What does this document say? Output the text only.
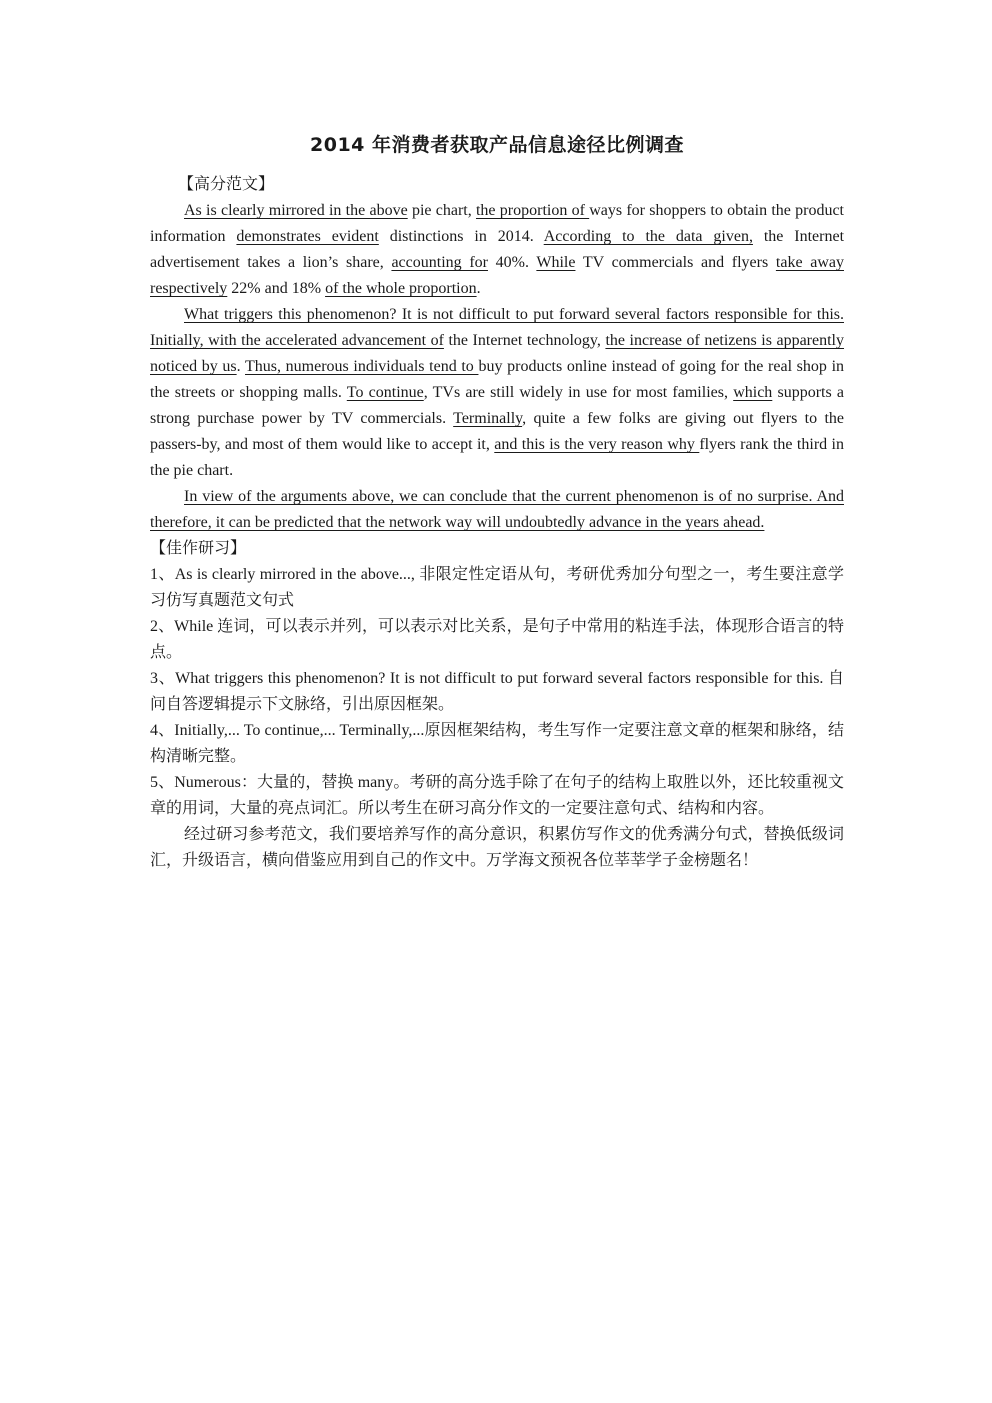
2014 年消费者获取产品信息途径比例调查
【高分范文】

As is clearly mirrored in the above pie chart, the proportion of ways for shoppers to obtain the product information demonstrates evident distinctions in 2014. According to the data given, the Internet advertisement takes a lion’s share, accounting for 40%. While TV commercials and flyers take away respectively 22% and 18% of the whole proportion.

What triggers this phenomenon? It is not difficult to put forward several factors responsible for this. Initially, with the accelerated advancement of the Internet technology, the increase of netizens is apparently noticed by us. Thus, numerous individuals tend to buy products online instead of going for the real shop in the streets or shopping malls. To continue, TVs are still widely in use for most families, which supports a strong purchase power by TV commercials. Terminally, quite a few folks are giving out flyers to the passers-by, and most of them would like to accept it, and this is the very reason why flyers rank the third in the pie chart.

In view of the arguments above, we can conclude that the current phenomenon is of no surprise. And therefore, it can be predicted that the network way will undoubtedly advance in the years ahead.

【佳作研习】

1、As is clearly mirrored in the above..., 非限定性定语从句，考研优秀加分句型之一，考生要注意学习仿写真题范文句式

2、While 连词，可以表示并列，可以表示对比关系，是句子中常用的粘连手法，体现形合语言的特点。

3、What triggers this phenomenon? It is not difficult to put forward several factors responsible for this. 自问自答逻辑提示下文脉络，引出原因框架。

4、Initially,... To continue,... Terminally,...原因框架结构，考生写作一定要注意文章的框架和脉络，结构清晰完整。

5、Numerous：大量的，替换 many。考研的高分选手除了在句子的结构上取胜以外，还比较重视文章的用词，大量的亮点词汇。所以考生在研习高分作文的一定要注意句式、结构和内容。

经过研习参考范文，我们要培养写作的高分意识，积累仿写作文的优秀满分句式，替换低级词汇，升级语言，横向借鉴应用到自己的作文中。万学海文预祝各位莘莘学子金榜题名！
